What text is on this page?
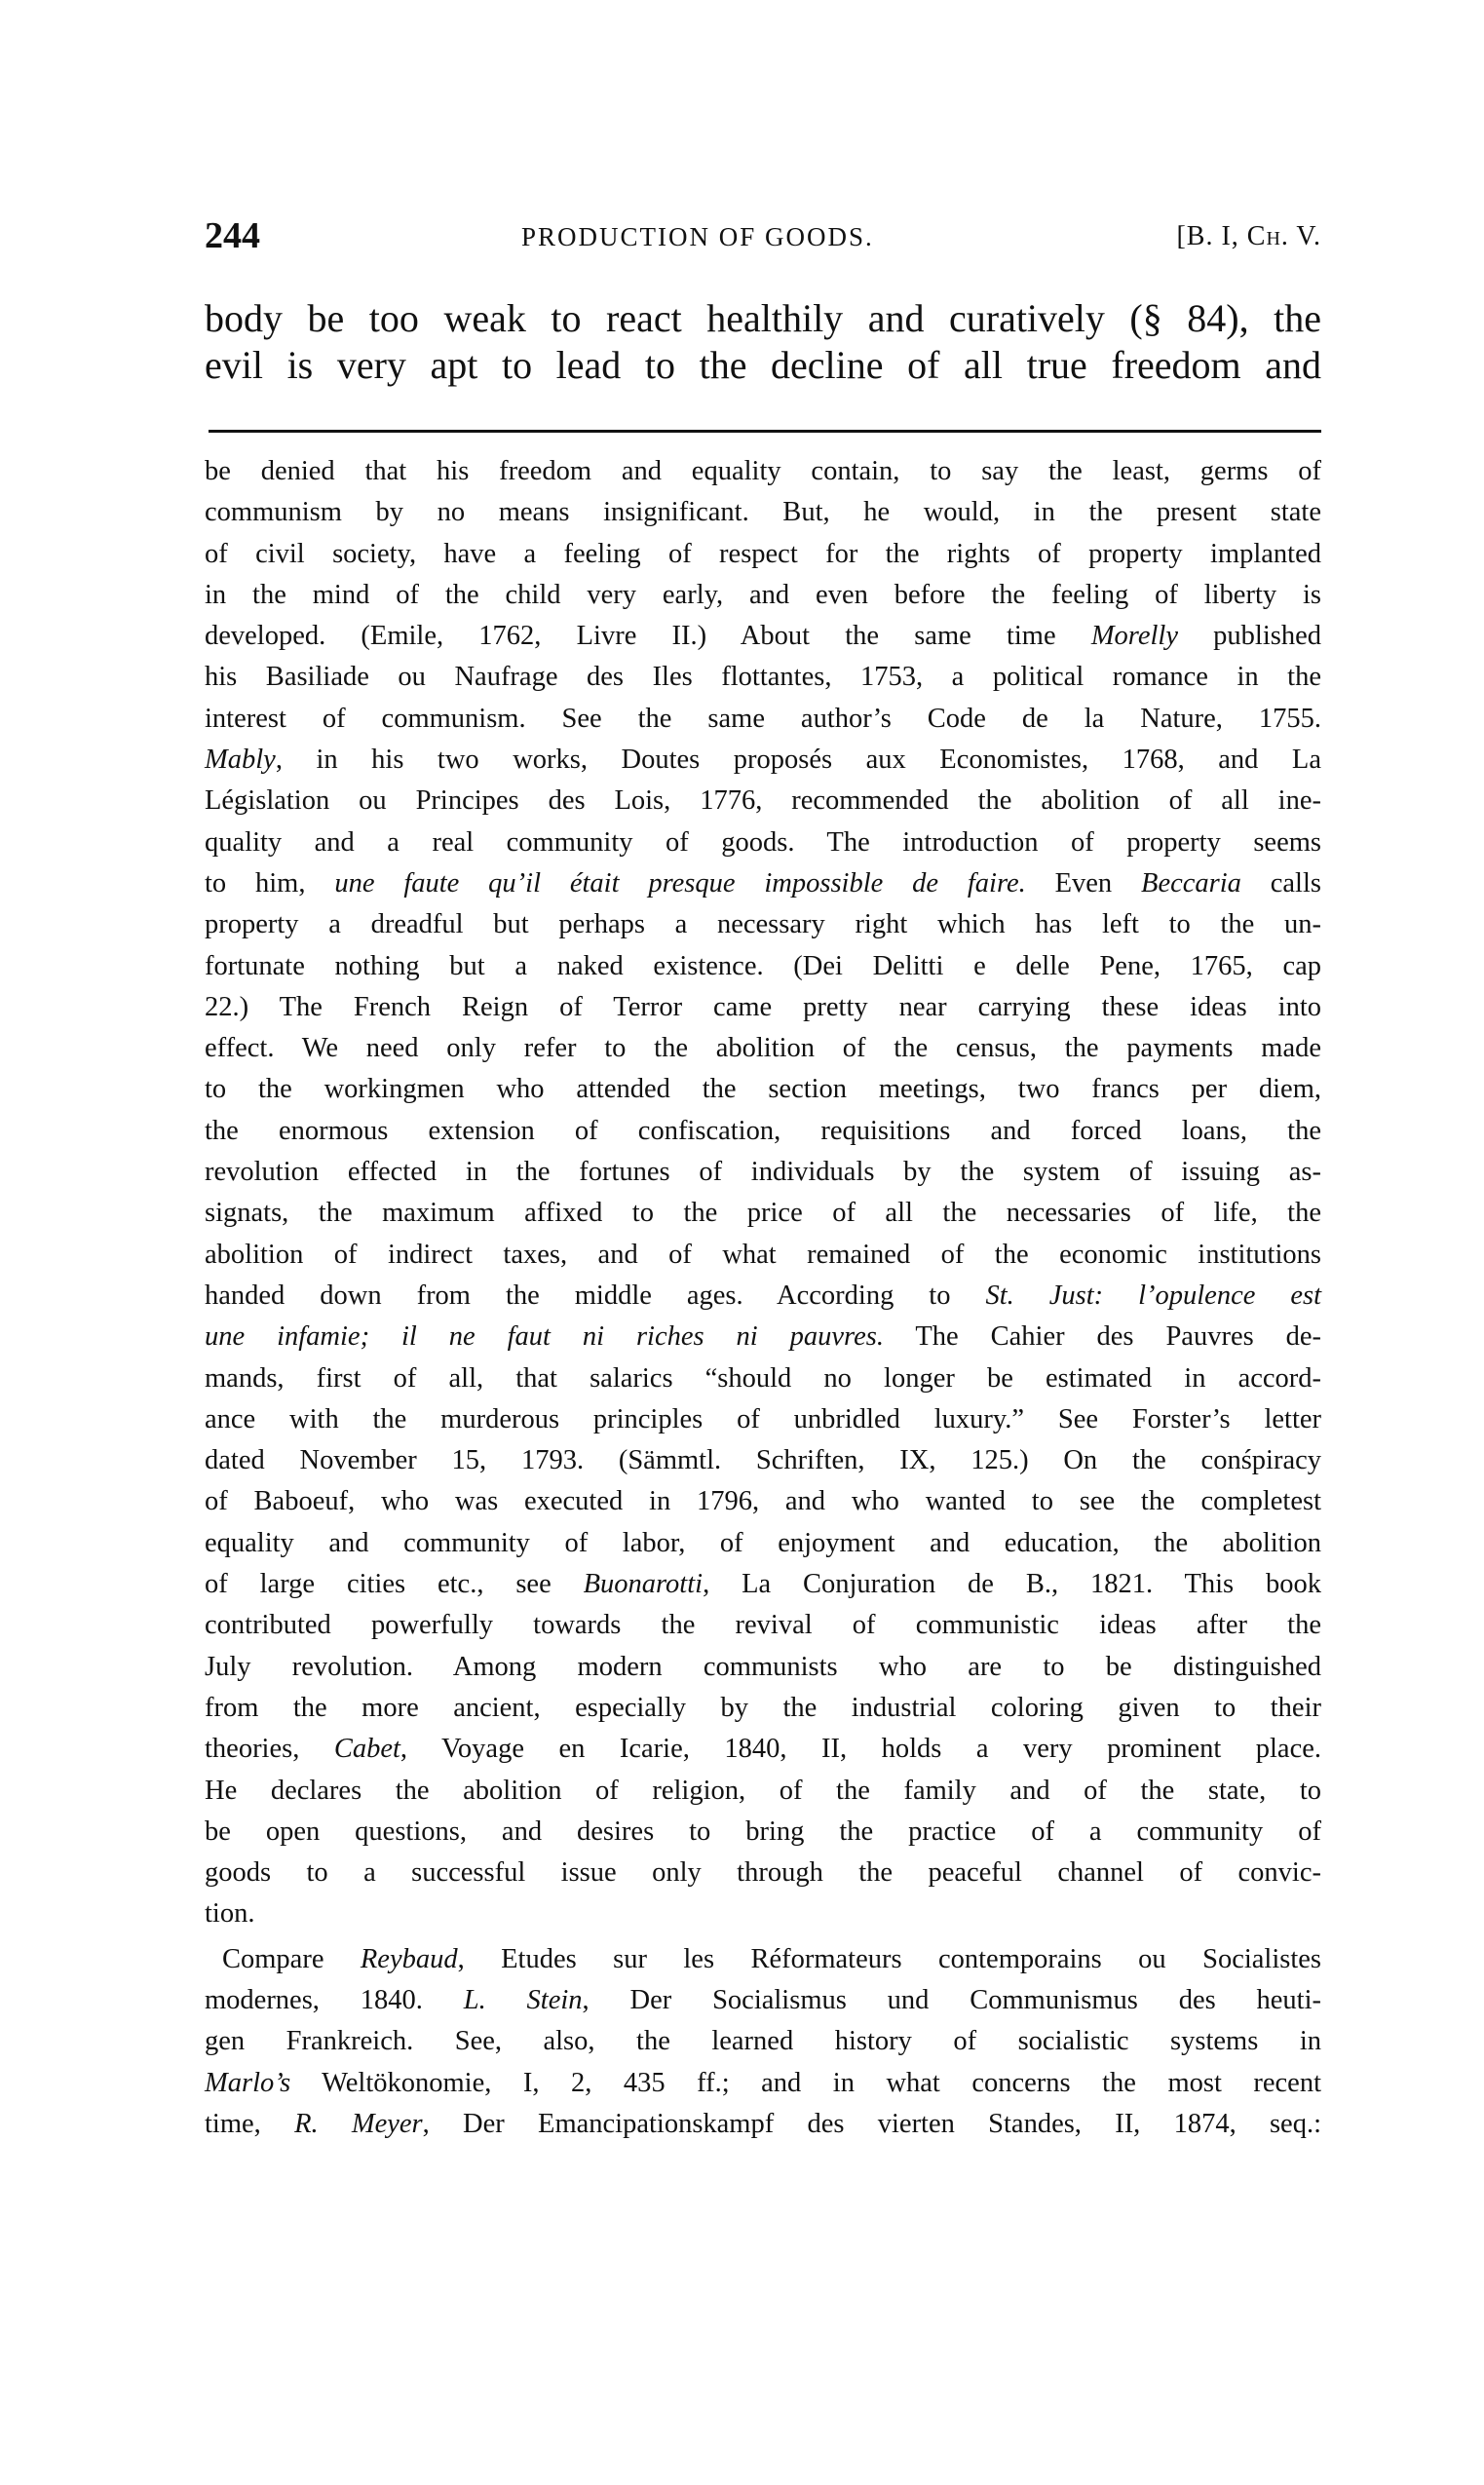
244	PRODUCTION OF GOODS.	[B. I, Ch. V.
body be too weak to react healthily and curatively (§ 84), the
evil is very apt to lead to the decline of all true freedom and
be denied that his freedom and equality contain, to say the least, germs of
communism by no means insignificant. But, he would, in the present state
of civil society, have a feeling of respect for the rights of property implanted
in the mind of the child very early, and even before the feeling of liberty is
developed. (Emile, 1762, Livre II.) About the same time Morelly published
his Basiliade ou Naufrage des Iles flottantes, 1753, a political romance in the
interest of communism. See the same author’s Code de la Nature, 1755.
Mably, in his two works, Doutes proposés aux Economistes, 1768, and La
Législation ou Principes des Lois, 1776, recommended the abolition of all ine-
quality and a real community of goods. The introduction of property seems
to him, une faute qu’il était presque impossible de faire. Even Beccaria calls
property a dreadful but perhaps a necessary right which has left to the un-
fortunate nothing but a naked existence. (Dei Delitti e delle Pene, 1765, cap
22.) The French Reign of Terror came pretty near carrying these ideas into
effect. We need only refer to the abolition of the census, the payments made
to the workingmen who attended the section meetings, two francs per diem,
the enormous extension of confiscation, requisitions and forced loans, the
revolution effected in the fortunes of individuals by the system of issuing as-
signats, the maximum affixed to the price of all the necessaries of life, the
abolition of indirect taxes, and of what remained of the economic institutions
handed down from the middle ages. According to St. Just: l’opulence est
une infamie; il ne faut ni riches ni pauvres. The Cahier des Pauvres de-
mands, first of all, that salarics “should no longer be estimated in accord-
ance with the murderous principles of unbridled luxury.” See Forster’s letter
dated November 15, 1793. (Sämmtl. Schriften, IX, 125.) On the conśpiracy
of Baboeuf, who was executed in 1796, and who wanted to see the completest
equality and community of labor, of enjoyment and education, the abolition
of large cities etc., see Buonarotti, La Conjuration de B., 1821. This book
contributed powerfully towards the revival of communistic ideas after the
July revolution. Among modern communists who are to be distinguished
from the more ancient, especially by the industrial coloring given to their
theories, Cabet, Voyage en Icarie, 1840, II, holds a very prominent place.
He declares the abolition of religion, of the family and of the state, to
be open questions, and desires to bring the practice of a community of
goods to a successful issue only through the peaceful channel of convic-
tion.
Compare Reybaud, Etudes sur les Réformateurs contemporains ou Socialistes
modernes, 1840. L. Stein, Der Socialismus und Communismus des heuti-
gen Frankreich. See, also, the learned history of socialistic systems in
Marlo’s Weltökonomie, I, 2, 435 ff.; and in what concerns the most recent
time, R. Meyer, Der Emancipationskampf des vierten Standes, II, 1874, seq.:
